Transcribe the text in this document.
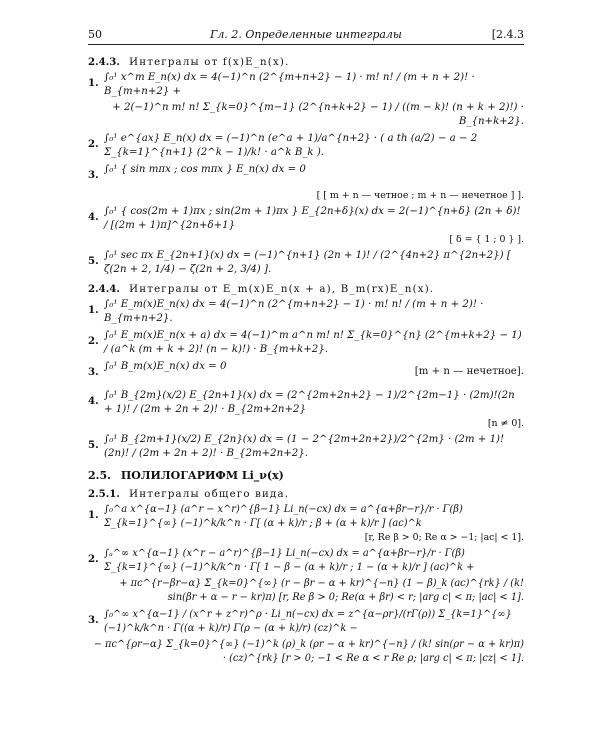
50	Гл. 2. Определенные интегралы	[2.4.3
2.4.3. Интегралы от f(x)E_n(x).
1. ∫₀¹ x^m E_n(x) dx = 4(−1)^n (2^{m+n+2} − 1) · m! n! / (m + n + 2)! · B_{m+n+2} +
+ 2(−1)^n m! n! Σ_{k=0}^{m−1} (2^{n+k+2} − 1) / ((m − k)! (n + k + 2)!) · B_{n+k+2}.
2. ∫₀¹ e^{ax} E_n(x) dx = (−1)^n (e^a + 1)/a^{n+2} · ( a th (a/2) − a − 2 Σ_{k=1}^{n+1} (2^k − 1)/k! · a^k B_k ).
3. ∫₀¹ { sin mπx ; cos mπx } E_n(x) dx = 0
[ [ m + n — четное ; m + n — нечетное ] ].
4. ∫₀¹ { cos(2m + 1)πx ; sin(2m + 1)πx } E_{2n+δ}(x) dx = 2(−1)^{n+δ} (2n + δ)! / [(2m + 1)π]^{2n+δ+1}
[ δ = { 1 ; 0 } ].
5. ∫₀¹ sec πx E_{2n+1}(x) dx = (−1)^{n+1} (2n + 1)! / (2^{4n+2} π^{2n+2}) [ ζ(2n + 2, 1/4) − ζ(2n + 2, 3/4) ].
2.4.4. Интегралы от E_m(x)E_n(x + a), B_m(rx)E_n(x).
1. ∫₀¹ E_m(x)E_n(x) dx = 4(−1)^n (2^{m+n+2} − 1) · m! n! / (m + n + 2)! · B_{m+n+2}.
2. ∫₀¹ E_m(x)E_n(x + a) dx = 4(−1)^m a^n m! n! Σ_{k=0}^{n} (2^{m+k+2} − 1) / (a^k (m + k + 2)! (n − k)!) · B_{m+k+2}.
3. ∫₀¹ B_m(x)E_n(x) dx = 0	[m + n — нечетное].
4. ∫₀¹ B_{2m}(x/2) E_{2n+1}(x) dx = (2^{2m+2n+2} − 1)/2^{2m−1} · (2m)!(2n + 1)! / (2m + 2n + 2)! · B_{2m+2n+2}
[n ≠ 0].
5. ∫₀¹ B_{2m+1}(x/2) E_{2n}(x) dx = (1 − 2^{2m+2n+2})/2^{2m} · (2m + 1)!(2n)! / (2m + 2n + 2)! · B_{2m+2n+2}.
2.5. ПОЛИЛОГАРИФМ Li_ν(x)
2.5.1. Интегралы общего вида.
1. ∫₀^a x^{α−1} (a^r − x^r)^{β−1} Li_n(−cx) dx = a^{α+βr−r}/r · Γ(β) Σ_{k=1}^{∞} (−1)^k/k^n · Γ[ (α + k)/r ; β + (α + k)/r ] (ac)^k
[r, Re β > 0; Re α > −1; |ac| < 1].
2. ∫ₐ^∞ x^{α−1} (x^r − a^r)^{β−1} Li_n(−cx) dx = a^{α+βr−r}/r · Γ(β) Σ_{k=1}^{∞} (−1)^k/k^n · Γ[ 1 − β − (α + k)/r ; 1 − (α + k)/r ] (ac)^k +
+ πc^{r−βr−α} Σ_{k=0}^{∞} (r − βr − α + kr)^{−n} (1 − β)_k (ac)^{rk} / (k! sin(βr + α − r − kr)π) [r, Re β > 0; Re(α + βr) < r; |arg c| < π; |ac| < 1].
3. ∫₀^∞ x^{α−1} / (x^r + z^r)^ρ · Li_n(−cx) dx = z^{α−ρr}/(rΓ(ρ)) Σ_{k=1}^{∞} (−1)^k/k^n · Γ((α + k)/r) Γ(ρ − (α + k)/r) (cz)^k −
− πc^{ρr−α} Σ_{k=0}^{∞} (−1)^k (ρ)_k (ρr − α + kr)^{−n} / (k! sin(ρr − α + kr)π) · (cz)^{rk} [r > 0; −1 < Re α < r Re ρ; |arg c| < π; |cz| < 1].
